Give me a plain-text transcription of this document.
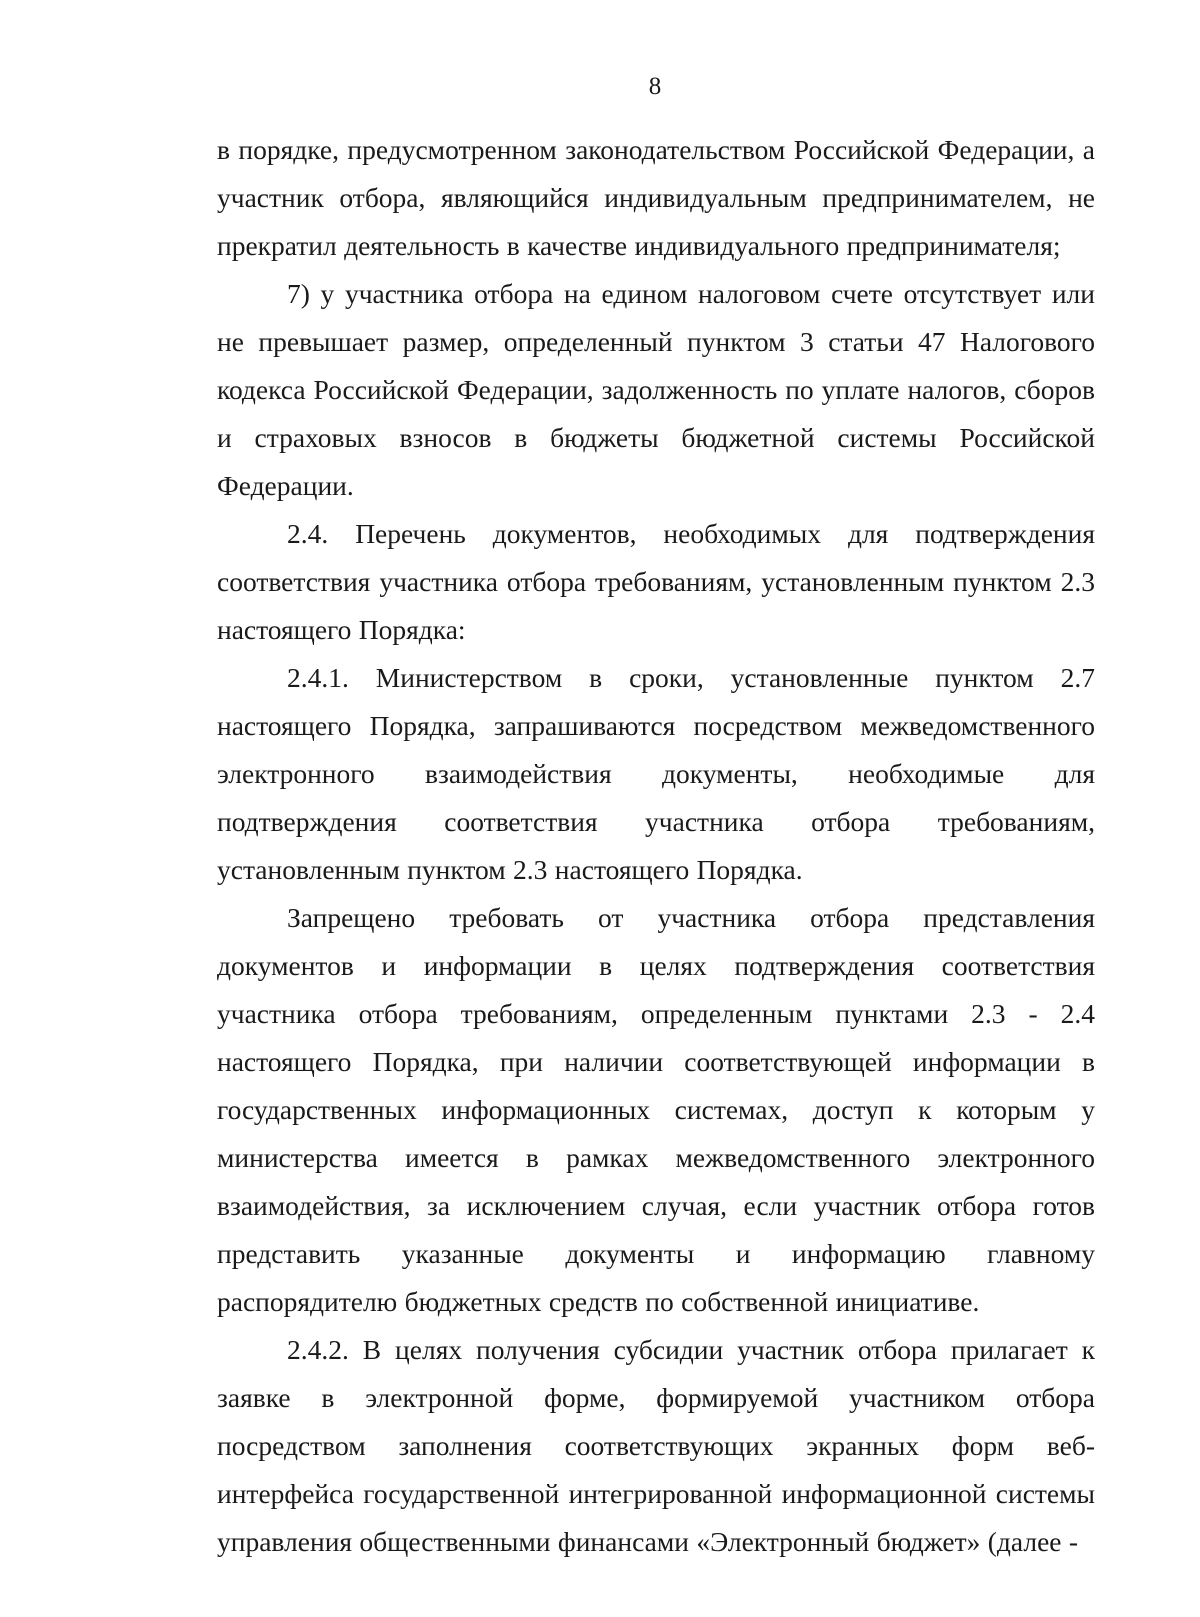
8

в порядке, предусмотренном законодательством Российской Федерации, а участник отбора, являющийся индивидуальным предпринимателем, не прекратил деятельность в качестве индивидуального предпринимателя;

7) у участника отбора на едином налоговом счете отсутствует или не превышает размер, определенный пунктом 3 статьи 47 Налогового кодекса Российской Федерации, задолженность по уплате налогов, сборов и страховых взносов в бюджеты бюджетной системы Российской Федерации.

2.4. Перечень документов, необходимых для подтверждения соответствия участника отбора требованиям, установленным пунктом 2.3 настоящего Порядка:

2.4.1. Министерством в сроки, установленные пунктом 2.7 настоящего Порядка, запрашиваются посредством межведомственного электронного взаимодействия документы, необходимые для подтверждения соответствия участника отбора требованиям, установленным пунктом 2.3 настоящего Порядка.

Запрещено требовать от участника отбора представления документов и информации в целях подтверждения соответствия участника отбора требованиям, определенным пунктами 2.3 - 2.4 настоящего Порядка, при наличии соответствующей информации в государственных информационных системах, доступ к которым у министерства имеется в рамках межведомственного электронного взаимодействия, за исключением случая, если участник отбора готов представить указанные документы и информацию главному распорядителю бюджетных средств по собственной инициативе.

2.4.2. В целях получения субсидии участник отбора прилагает к заявке в электронной форме, формируемой участником отбора посредством заполнения соответствующих экранных форм веб-интерфейса государственной интегрированной информационной системы управления общественными финансами «Электронный бюджет» (далее -
